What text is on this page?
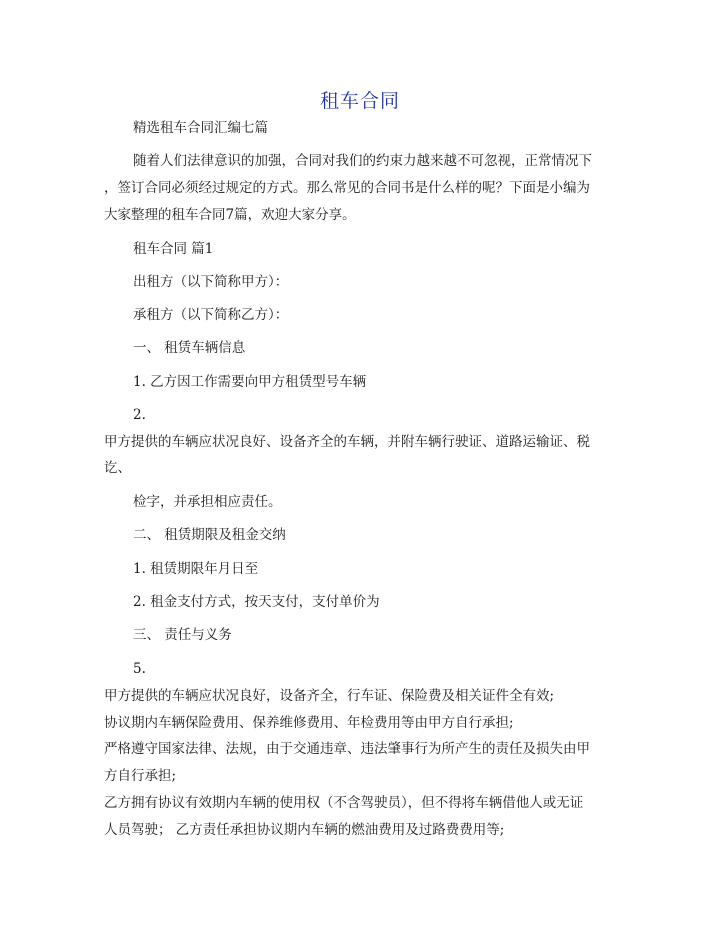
租车合同
精选租车合同汇编七篇
随着人们法律意识的加强，合同对我们的约束力越来越不可忽视，正常情况下
，签订合同必须经过规定的方式。那么常见的合同书是什么样的呢？下面是小编为
大家整理的租车合同7篇，欢迎大家分享。
租车合同 篇1
出租方（以下简称甲方）：
承租方（以下简称乙方）：
一、 租赁车辆信息
1. 乙方因工作需要向甲方租赁型号车辆
2.
甲方提供的车辆应状况良好、设备齐全的车辆，并附车辆行驶证、道路运输证、税
讫、
检字，并承担相应责任。
二、 租赁期限及租金交纳
1. 租赁期限年月日至
2. 租金支付方式，按天支付，支付单价为
三、 责任与义务
5.
甲方提供的车辆应状况良好，设备齐全，行车证、保险费及相关证件全有效;
协议期内车辆保险费用、保养维修费用、年检费用等由甲方自行承担;
严格遵守国家法律、法规，由于交通违章、违法肇事行为所产生的责任及损失由甲
方自行承担;
乙方拥有协议有效期内车辆的使用权（不含驾驶员），但不得将车辆借他人或无证
人员驾驶； 乙方责任承担协议期内车辆的燃油费用及过路费费用等;
